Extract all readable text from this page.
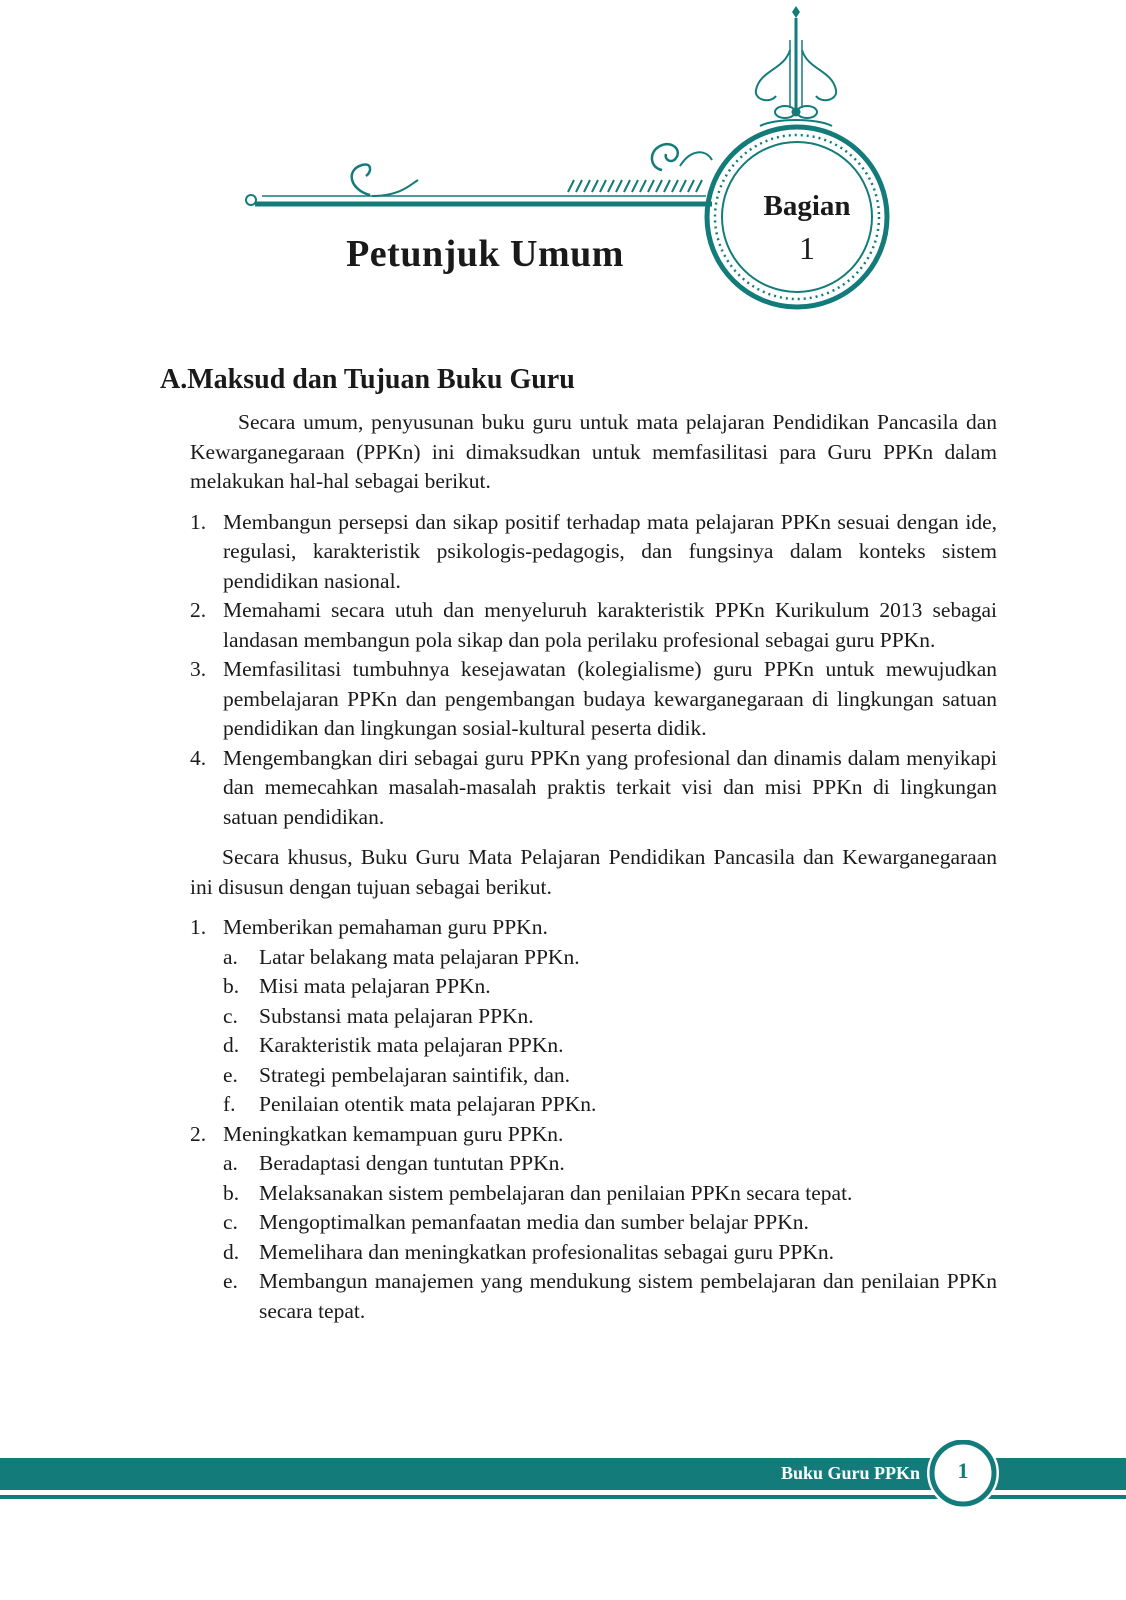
Petunjuk Umum
Bagian
1
A.Maksud dan Tujuan Buku Guru

Secara umum, penyusunan buku guru untuk mata pelajaran Pendidikan Pancasila dan Kewarganegaraan (PPKn) ini dimaksudkan untuk memfasilitasi para Guru PPKn dalam melakukan hal-hal sebagai berikut.

1. Membangun persepsi dan sikap positif terhadap mata pelajaran PPKn sesuai dengan ide, regulasi, karakteristik psikologis-pedagogis, dan fungsinya dalam konteks sistem pendidikan nasional.
2. Memahami secara utuh dan menyeluruh karakteristik PPKn Kurikulum 2013 sebagai landasan membangun pola sikap dan pola perilaku profesional sebagai guru PPKn.
3. Memfasilitasi tumbuhnya kesejawatan (kolegialisme) guru PPKn untuk mewujudkan pembelajaran PPKn dan pengembangan budaya kewarganegaraan di lingkungan satuan pendidikan dan lingkungan sosial-kultural peserta didik.
4. Mengembangkan diri sebagai guru PPKn yang profesional dan dinamis dalam menyikapi dan memecahkan masalah-masalah praktis terkait visi dan misi PPKn di lingkungan satuan pendidikan.

Secara khusus, Buku Guru Mata Pelajaran Pendidikan Pancasila dan Kewarganegaraan ini disusun dengan tujuan sebagai berikut.

1. Memberikan pemahaman guru PPKn.
a. Latar belakang mata pelajaran PPKn.
b. Misi mata pelajaran PPKn.
c. Substansi mata pelajaran PPKn.
d. Karakteristik mata pelajaran PPKn.
e. Strategi pembelajaran saintifik, dan.
f.	Penilaian otentik mata pelajaran PPKn.
2. Meningkatkan kemampuan guru PPKn.
a. Beradaptasi dengan tuntutan PPKn.
b. Melaksanakan sistem pembelajaran dan penilaian PPKn secara tepat.
c. Mengoptimalkan pemanfaatan media dan sumber belajar PPKn.
d. Memelihara dan meningkatkan profesionalitas sebagai guru PPKn.
e. Membangun manajemen yang mendukung sistem pembelajaran dan penilaian PPKn secara tepat.
Buku Guru PPKn	1
